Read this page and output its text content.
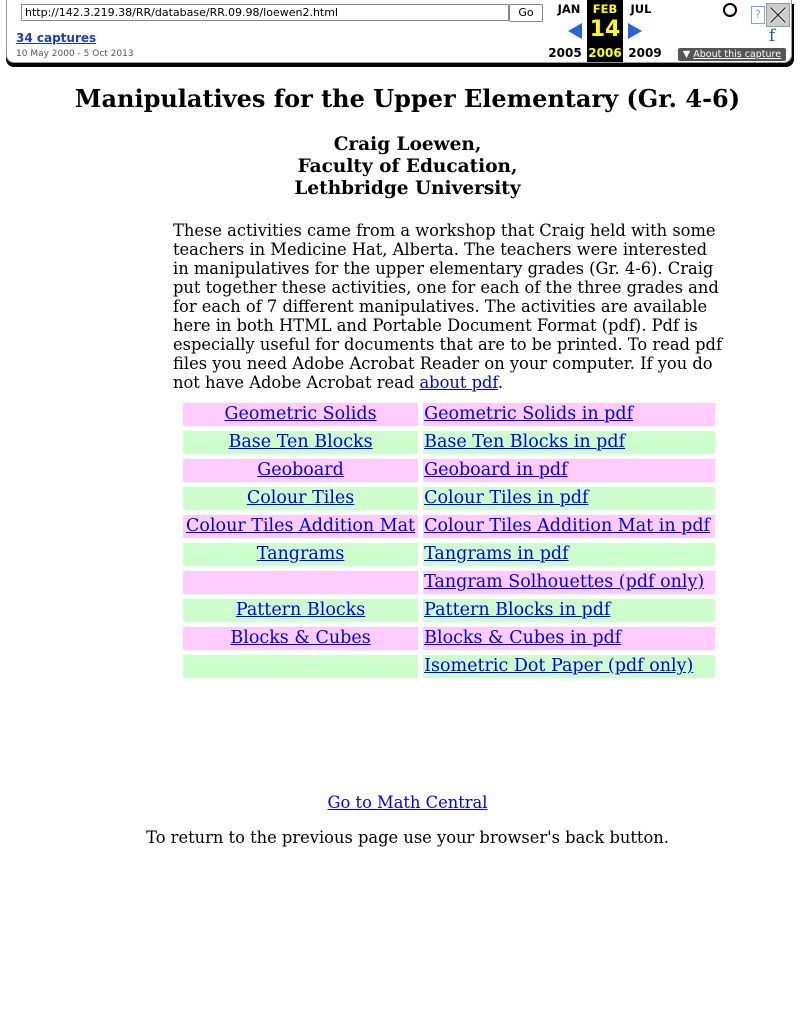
http://142.3.219.38/RR/database/RR.09.98/loewen2.html	Go
34 captures
10 May 2000 - 5 Oct 2013
JAN
2005
FEB
14
2006
JUL
2009
?
f
▼ About this capture
Manipulatives for the Upper Elementary (Gr. 4-6)
Craig Loewen,
Faculty of Education,
Lethbridge University

These activities came from a workshop that Craig held with some teachers in Medicine Hat, Alberta. The teachers were interested in manipulatives for the upper elementary grades (Gr. 4-6). Craig put together these activities, one for each of the three grades and for each of 7 different manipulatives. The activities are available here in both HTML and Portable Document Format (pdf). Pdf is especially useful for documents that are to be printed. To read pdf files you need Adobe Acrobat Reader on your computer. If you do not have Adobe Acrobat read about pdf.

Geometric Solids	Geometric Solids in pdf
Base Ten Blocks	Base Ten Blocks in pdf
Geoboard	Geoboard in pdf
Colour Tiles	Colour Tiles in pdf
Colour Tiles Addition Mat	Colour Tiles Addition Mat in pdf
Tangrams	Tangrams in pdf
	Tangram Solhouettes (pdf only)
Pattern Blocks	Pattern Blocks in pdf
Blocks & Cubes	Blocks & Cubes in pdf
	Isometric Dot Paper (pdf only)
Go to Math Central

To return to the previous page use your browser's back button.
